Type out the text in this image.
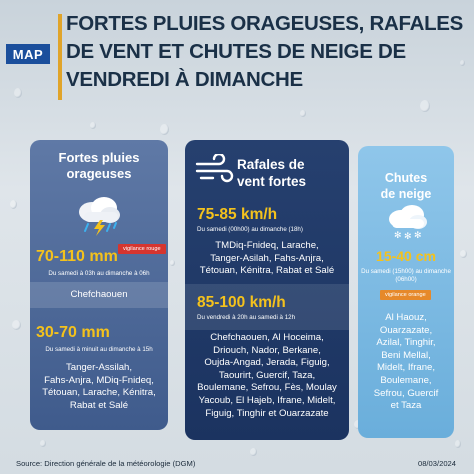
MAP
FORTES PLUIES ORAGEUSES, RAFALES DE VENT ET CHUTES DE NEIGE DE VENDREDI À DIMANCHE
Fortes pluies
orageuses
vigilance rouge
70-110 mm
Du samedi à 03h au dimanche à 06h
Chefchaouen
30-70 mm
Du samedi à minuit au dimanche à 15h
Tanger-Assilah,
Fahs-Anjra, MDiq-Fnideq,
Tétouan, Larache, Kénitra,
Rabat et Salé
Rafales de
vent fortes
75-85 km/h
Du samedi (00h00) au dimanche (18h)
TMDiq-Fnideq, Larache,
Tanger-Asilah, Fahs-Anjra,
Tétouan, Kénitra, Rabat et Salé
85-100 km/h
Du vendredi à 20h au samedi à 12h
Chefchaouen, Al Hoceima,
Driouch, Nador, Berkane,
Oujda-Angad, Jerada, Figuig,
Taourirt, Guercif, Taza,
Boulemane, Sefrou, Fès, Moulay
Yacoub, El Hajeb, Ifrane, Midelt,
Figuig, Tinghir et Ouarzazate
Chutes
de neige
✻ ✻ ✻
15-40 cm
Du samedi (15h00) au dimanche (06h00)
vigilance orange
Al Haouz,
Ouarzazate,
Azilal, Tinghir,
Beni Mellal,
Midelt, Ifrane,
Boulemane,
Sefrou, Guercif
et Taza
Source: Direction générale de la météorologie (DGM)	08/03/2024
